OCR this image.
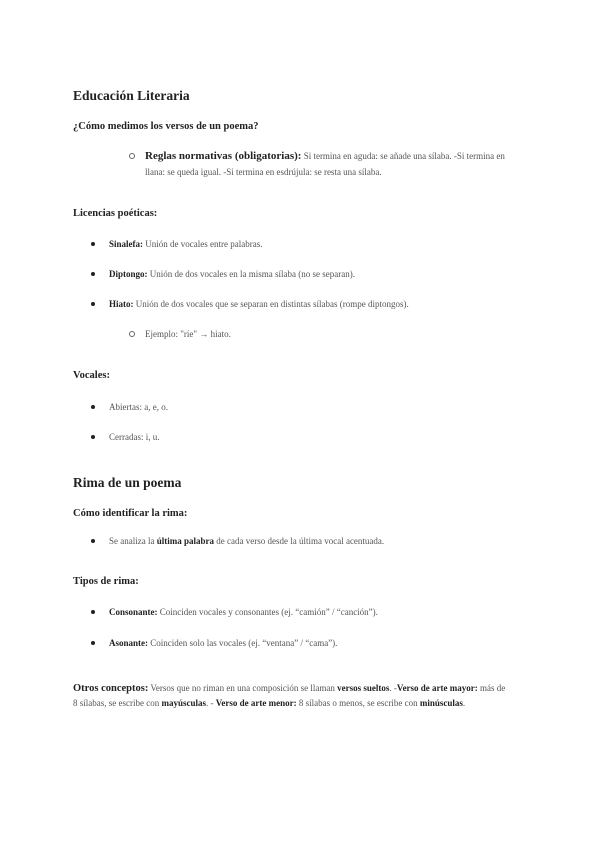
Educación Literaria
¿Cómo medimos los versos de un poema?
Reglas normativas (obligatorias): Si termina en aguda: se añade una sílaba. -Si termina en
llana: se queda igual. -Si termina en esdrújula: se resta una sílaba.
Licencias poéticas:
Sinalefa: Unión de vocales entre palabras.
Diptongo: Unión de dos vocales en la misma sílaba (no se separan).
Hiato: Unión de dos vocales que se separan en distintas sílabas (rompe diptongos).
Ejemplo: "ríe" → hiato.
Vocales:
Abiertas: a, e, o.
Cerradas: i, u.
Rima de un poema
Cómo identificar la rima:
Se analiza la última palabra de cada verso desde la última vocal acentuada.
Tipos de rima:
Consonante: Coinciden vocales y consonantes (ej. “camión” / “canción”).
Asonante: Coinciden solo las vocales (ej. “ventana” / “cama”).
Otros conceptos: Versos que no riman en una composición se llaman versos sueltos. -Verso de arte mayor: más de
8 sílabas, se escribe con mayúsculas. - Verso de arte menor: 8 sílabas o menos, se escribe con minúsculas.
